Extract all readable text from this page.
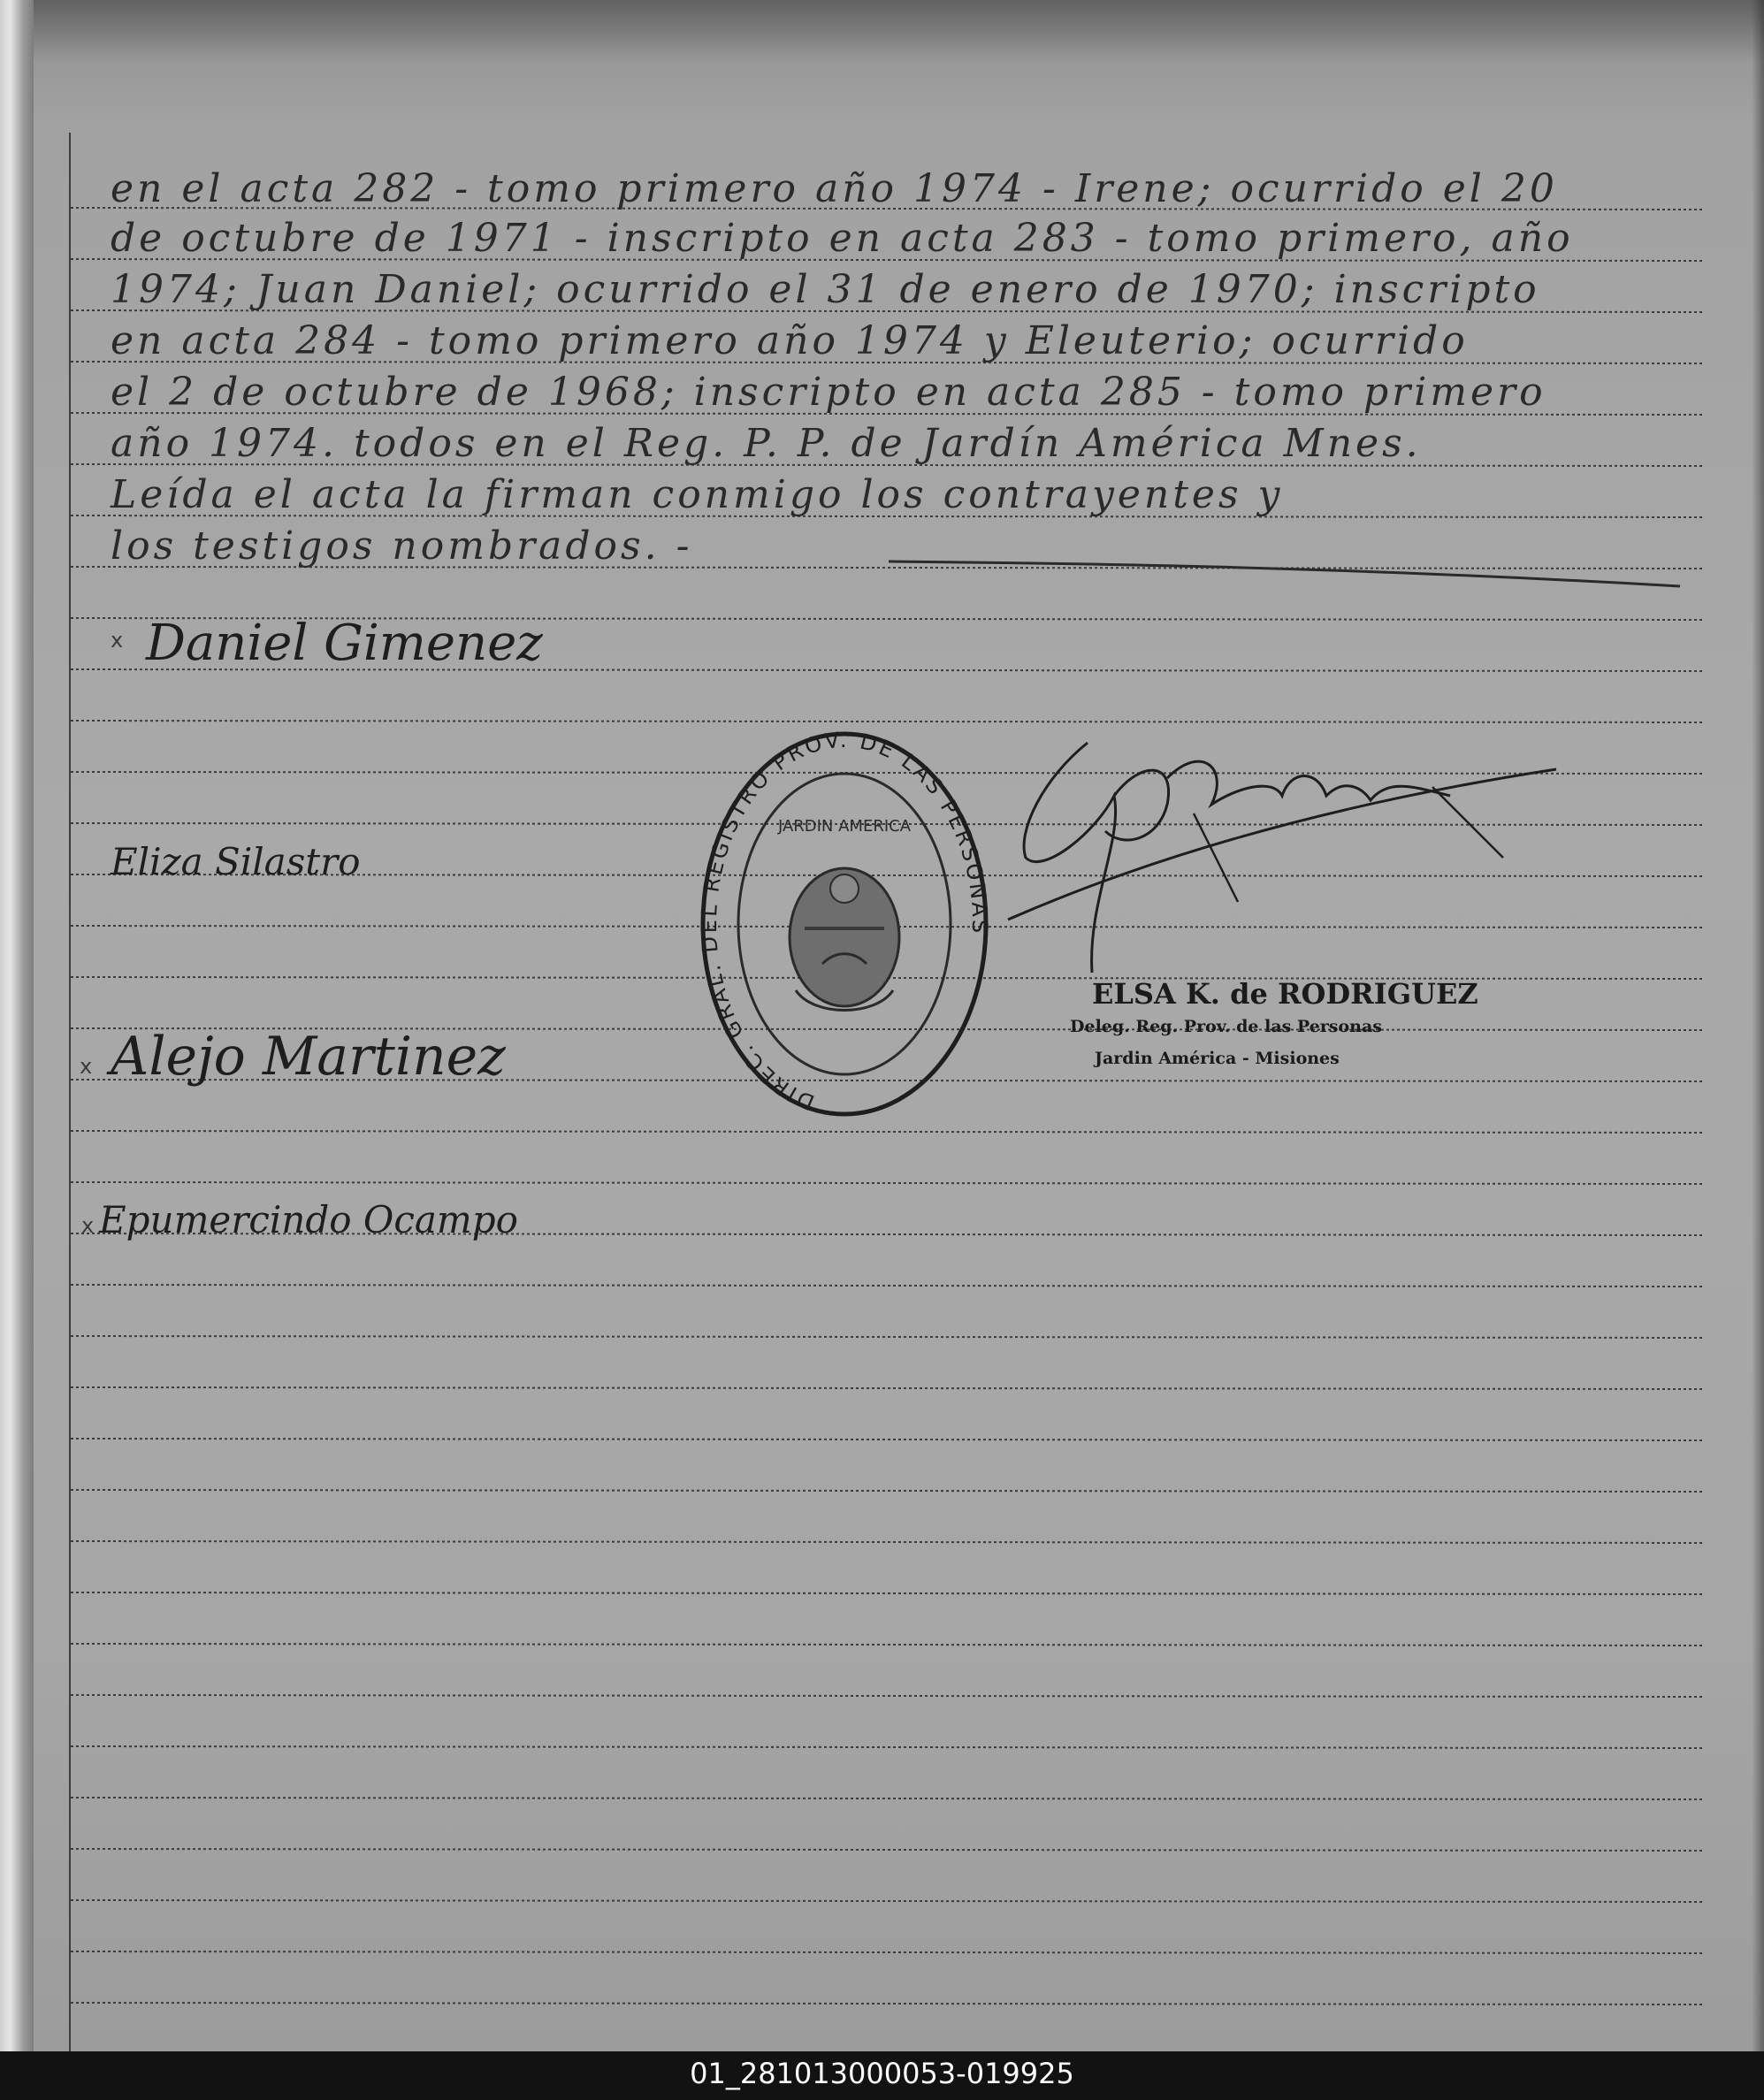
en el acta 282 - tomo primero año 1974 - Irene; ocurrido el 20
de octubre de 1971 - inscripto en acta 283 - tomo primero, año
1974; Juan Daniel; ocurrido el 31 de enero de 1970; inscripto
en acta 284 - tomo primero año 1974 y Eleuterio; ocurrido
el 2 de octubre de 1968; inscripto en acta 285 - tomo primero
año 1974. todos en el Reg. P. P. de Jardín América Mnes.
Leída el acta la firman conmigo los contrayentes y
los testigos nombrados. -
x Daniel Gimenez
Eliza Silastro
x Alejo Martinez
x Epumercindo Ocampo
DIREC. GRAL. DEL REGISTRO PROV. DE LAS PERSONAS
JARDIN AMERICA
ELSA K. de RODRIGUEZ
Deleg. Reg. Prov. de las Personas
Jardin América - Misiones
01_281013000053-019925
